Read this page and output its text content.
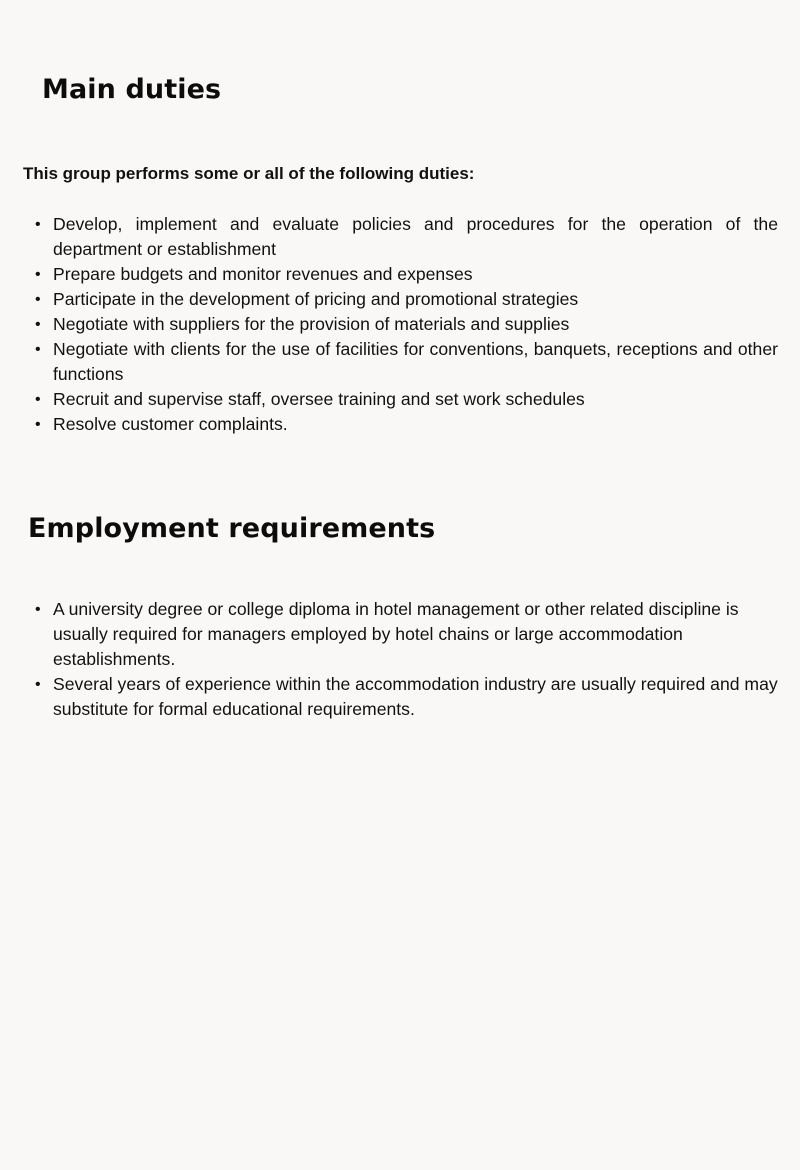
Main duties

This group performs some or all of the following duties:

• Develop, implement and evaluate policies and procedures for the operation of the department or establishment
• Prepare budgets and monitor revenues and expenses
• Participate in the development of pricing and promotional strategies
• Negotiate with suppliers for the provision of materials and supplies
• Negotiate with clients for the use of facilities for conventions, banquets, receptions and other functions
• Recruit and supervise staff, oversee training and set work schedules
• Resolve customer complaints.
Employment requirements
• A university degree or college diploma in hotel management or other related discipline is usually required for managers employed by hotel chains or large accommodation establishments.
• Several years of experience within the accommodation industry are usually required and may substitute for formal educational requirements.
